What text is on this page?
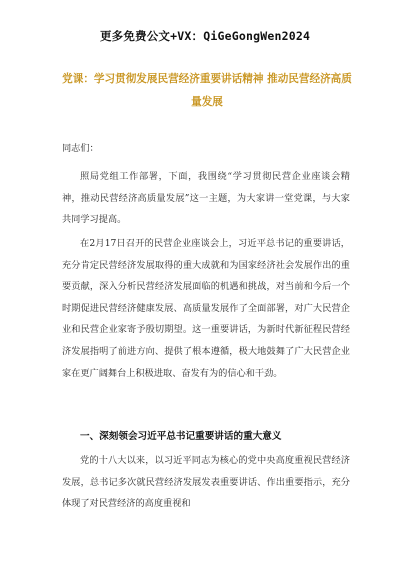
更多免费公文+VX：QiGeGongWen2024
党课：学习贯彻发展民营经济重要讲话精神 推动民营经济高质量发展

同志们：

照局党组工作部署，下面，我围绕“学习贯彻民营企业座谈会精神，推动民营经济高质量发展”这一主题，为大家讲一堂党课，与大家共同学习提高。

在2月17日召开的民营企业座谈会上，习近平总书记的重要讲话，充分肯定民营经济发展取得的重大成就和为国家经济社会发展作出的重要贡献，深入分析民营经济发展面临的机遇和挑战，对当前和今后一个时期促进民营经济健康发展、高质量发展作了全面部署，对广大民营企业和民营企业家寄予殷切期望。这一重要讲话，为新时代新征程民营经济发展指明了前进方向、提供了根本遵循，极大地鼓舞了广大民营企业家在更广阔舞台上积极进取、奋发有为的信心和干劲。

一、深刻领会习近平总书记重要讲话的重大意义

党的十八大以来，以习近平同志为核心的党中央高度重视民营经济发展，总书记多次就民营经济发展发表重要讲话、作出重要指示，充分体现了对民营经济的高度重视和
